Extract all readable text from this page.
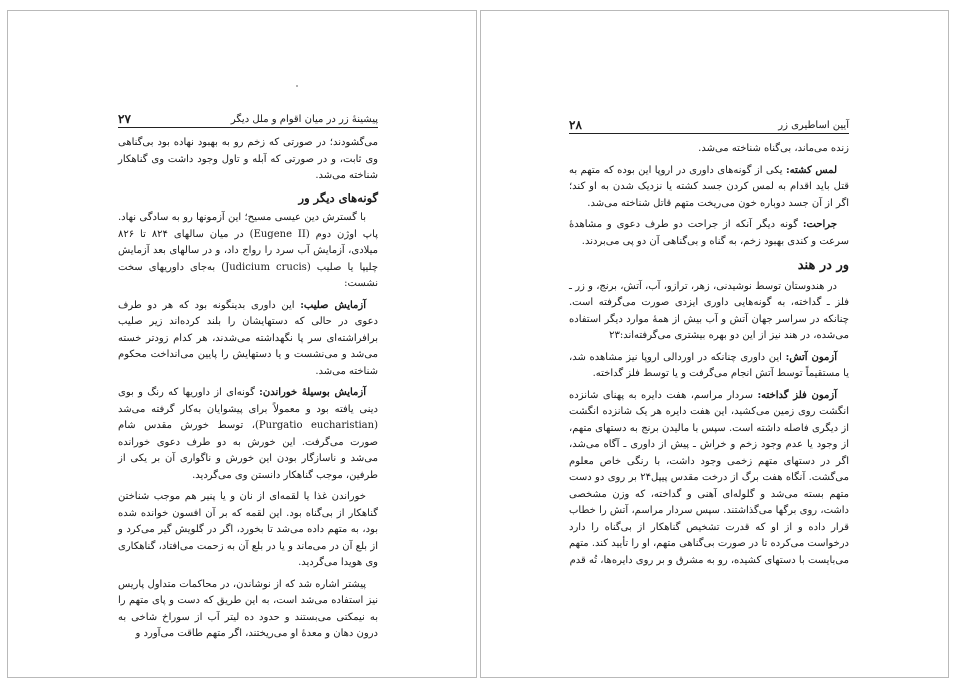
پیشینهٔ زر در میان اقوام و ملل دیگر
۲۷

می‌گشودند؛ در صورتی که زخم رو به بهبود نهاده بود بی‌گناهی وی ثابت، و در صورتی که آبله و تاول وجود داشت وی گناهکار شناخته می‌شد.

گونه‌های دیگر ور

با گسترش دین عیسی مسیح؛ این آزمونها رو به سادگی نهاد. پاپ اوژن دوم (Eugene II) در میان سالهای ۸۲۴ تا ۸۲۶ میلادی، آزمایش آب سرد را رواج داد، و در سالهای بعد آزمایش چلیپا یا صلیب (Judicium crucis) به‌جای داوریهای سخت نشست:

آزمایش صلیب: این داوری بدینگونه بود که هر دو طرف دعوی در حالی که دستهایشان را بلند کرده‌اند زیر صلیب برافراشته‌ای سر پا نگهداشته می‌شدند، هر کدام زودتر خسته می‌شد و می‌نشست و یا دستهایش را پایین می‌انداخت محکوم شناخته می‌شد.

آزمایش بوسیلهٔ خوراندن: گونه‌ای از داوریها که رنگ و بوی دینی یافته بود و معمولاً برای پیشوایان به‌کار گرفته می‌شد (Purgatio eucharistian)، توسط خورش مقدس شام صورت می‌گرفت. این خورش به دو طرف دعوی خورانده می‌شد و ناسازگار بودن این خورش و ناگواری آن بر یکی از طرفین، موجب گناهکار دانستن وی می‌گردید.

خوراندن غذا یا لقمه‌ای از نان و یا پنیر هم موجب شناختن گناهکار از بی‌گناه بود. این لقمه که بر آن افسون خوانده شده بود، به متهم داده می‌شد تا بخورد، اگر در گلویش گیر می‌کرد و از بلع آن در می‌ماند و یا در بلع آن به زحمت می‌افتاد، گناهکاری وی هویدا می‌گردید.

پیشتر اشاره شد که از نوشاندن، در محاکمات متداول پاریس نیز استفاده می‌شد است، به این طریق که دست و پای متهم را به نیمکتی می‌بستند و حدود ده لیتر آب از سوراخ شاخی به درون دهان و معدهٔ او می‌ریختند، اگر متهم طاقت می‌آورد و

آیین اساطیری زر
۲۸

زنده می‌ماند، بی‌گناه شناخته می‌شد.

لمس کشته: یکی از گونه‌های داوری در اروپا این بوده که متهم به قتل باید اقدام به لمس کردن جسد کشته یا نزدیک شدن به او کند؛ اگر از آن جسد دوباره خون می‌ریخت متهم قاتل شناخته می‌شد.

جراحت: گونه دیگر آنکه از جراحت دو طرف دعوی و مشاهدهٔ سرعت و کندی بهبود زخم، به گناه و بی‌گناهی آن دو پی می‌بردند.

ور در هند

در هندوستان توسط نوشیدنی، زهر، ترازو، آب، آتش، برنج، و زر ـ فلز ـ گداخته، به گونه‌هایی داوری ایزدی صورت می‌گرفته است. چنانکه در سراسر جهان آتش و آب بیش از همهٔ موارد دیگر استفاده می‌شده، در هند نیز از این دو بهره بیشتری می‌گرفته‌اند:۲۳

آزمون آتش: این داوری چنانکه در اوردالی اروپا نیز مشاهده شد، یا مستقیماً توسط آتش انجام می‌گرفت و یا توسط فلز گداخته.

آزمون فلز گداخته: سردار مراسم، هفت دایره به پهنای شانزده انگشت روی زمین می‌کشید، این هفت دایره هر یک شانزده انگشت از دیگری فاصله داشته است. سپس با مالیدن برنج به دستهای متهم، از وجود یا عدم وجود زخم و خراش ـ پیش از داوری ـ آگاه می‌شد، اگر در دستهای متهم زخمی وجود داشت، با رنگی خاص معلوم می‌گشت. آنگاه هفت برگ از درخت مقدس پیپل۲۴ بر روی دو دست متهم بسته می‌شد و گلوله‌ای آهنی و گداخته، که وزن مشخصی داشت، روی برگها می‌گذاشتند. سپس سردار مراسم، آتش را خطاب قرار داده و از او که قدرت تشخیص گناهکار از بی‌گناه را دارد درخواست می‌کرده تا در صورت بی‌گناهی متهم، او را تأیید کند. متهم می‌بایست با دستهای کشیده، رو به مشرق و بر روی دایره‌ها، تُه قدم
